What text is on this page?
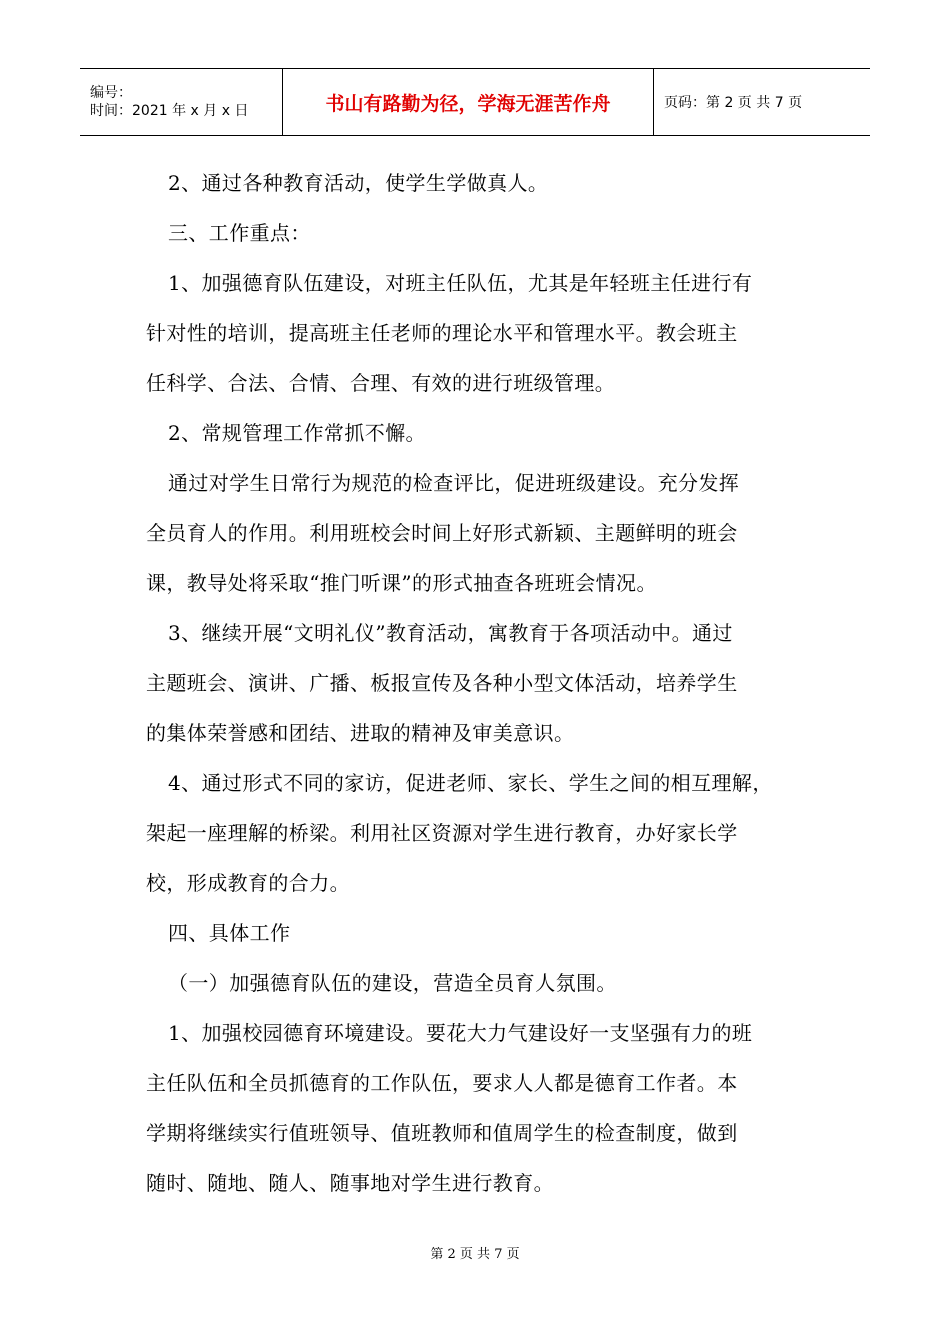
编号：
时间：2021 年 x 月 x 日	书山有路勤为径，学海无涯苦作舟	页码：第 2 页 共 7 页
2、通过各种教育活动，使学生学做真人。
三、工作重点：
1、加强德育队伍建设，对班主任队伍，尤其是年轻班主任进行有
针对性的培训，提高班主任老师的理论水平和管理水平。教会班主
任科学、合法、合情、合理、有效的进行班级管理。
2、常规管理工作常抓不懈。
通过对学生日常行为规范的检查评比，促进班级建设。充分发挥
全员育人的作用。利用班校会时间上好形式新颖、主题鲜明的班会
课，教导处将采取“推门听课”的形式抽查各班班会情况。
3、继续开展“文明礼仪”教育活动，寓教育于各项活动中。通过
主题班会、演讲、广播、板报宣传及各种小型文体活动，培养学生
的集体荣誉感和团结、进取的精神及审美意识。
4、通过形式不同的家访，促进老师、家长、学生之间的相互理解，
架起一座理解的桥梁。利用社区资源对学生进行教育，办好家长学
校，形成教育的合力。
四、具体工作
（一）加强德育队伍的建设，营造全员育人氛围。
1、加强校园德育环境建设。要花大力气建设好一支坚强有力的班
主任队伍和全员抓德育的工作队伍，要求人人都是德育工作者。本
学期将继续实行值班领导、值班教师和值周学生的检查制度，做到
随时、随地、随人、随事地对学生进行教育。
第 2 页 共 7 页
